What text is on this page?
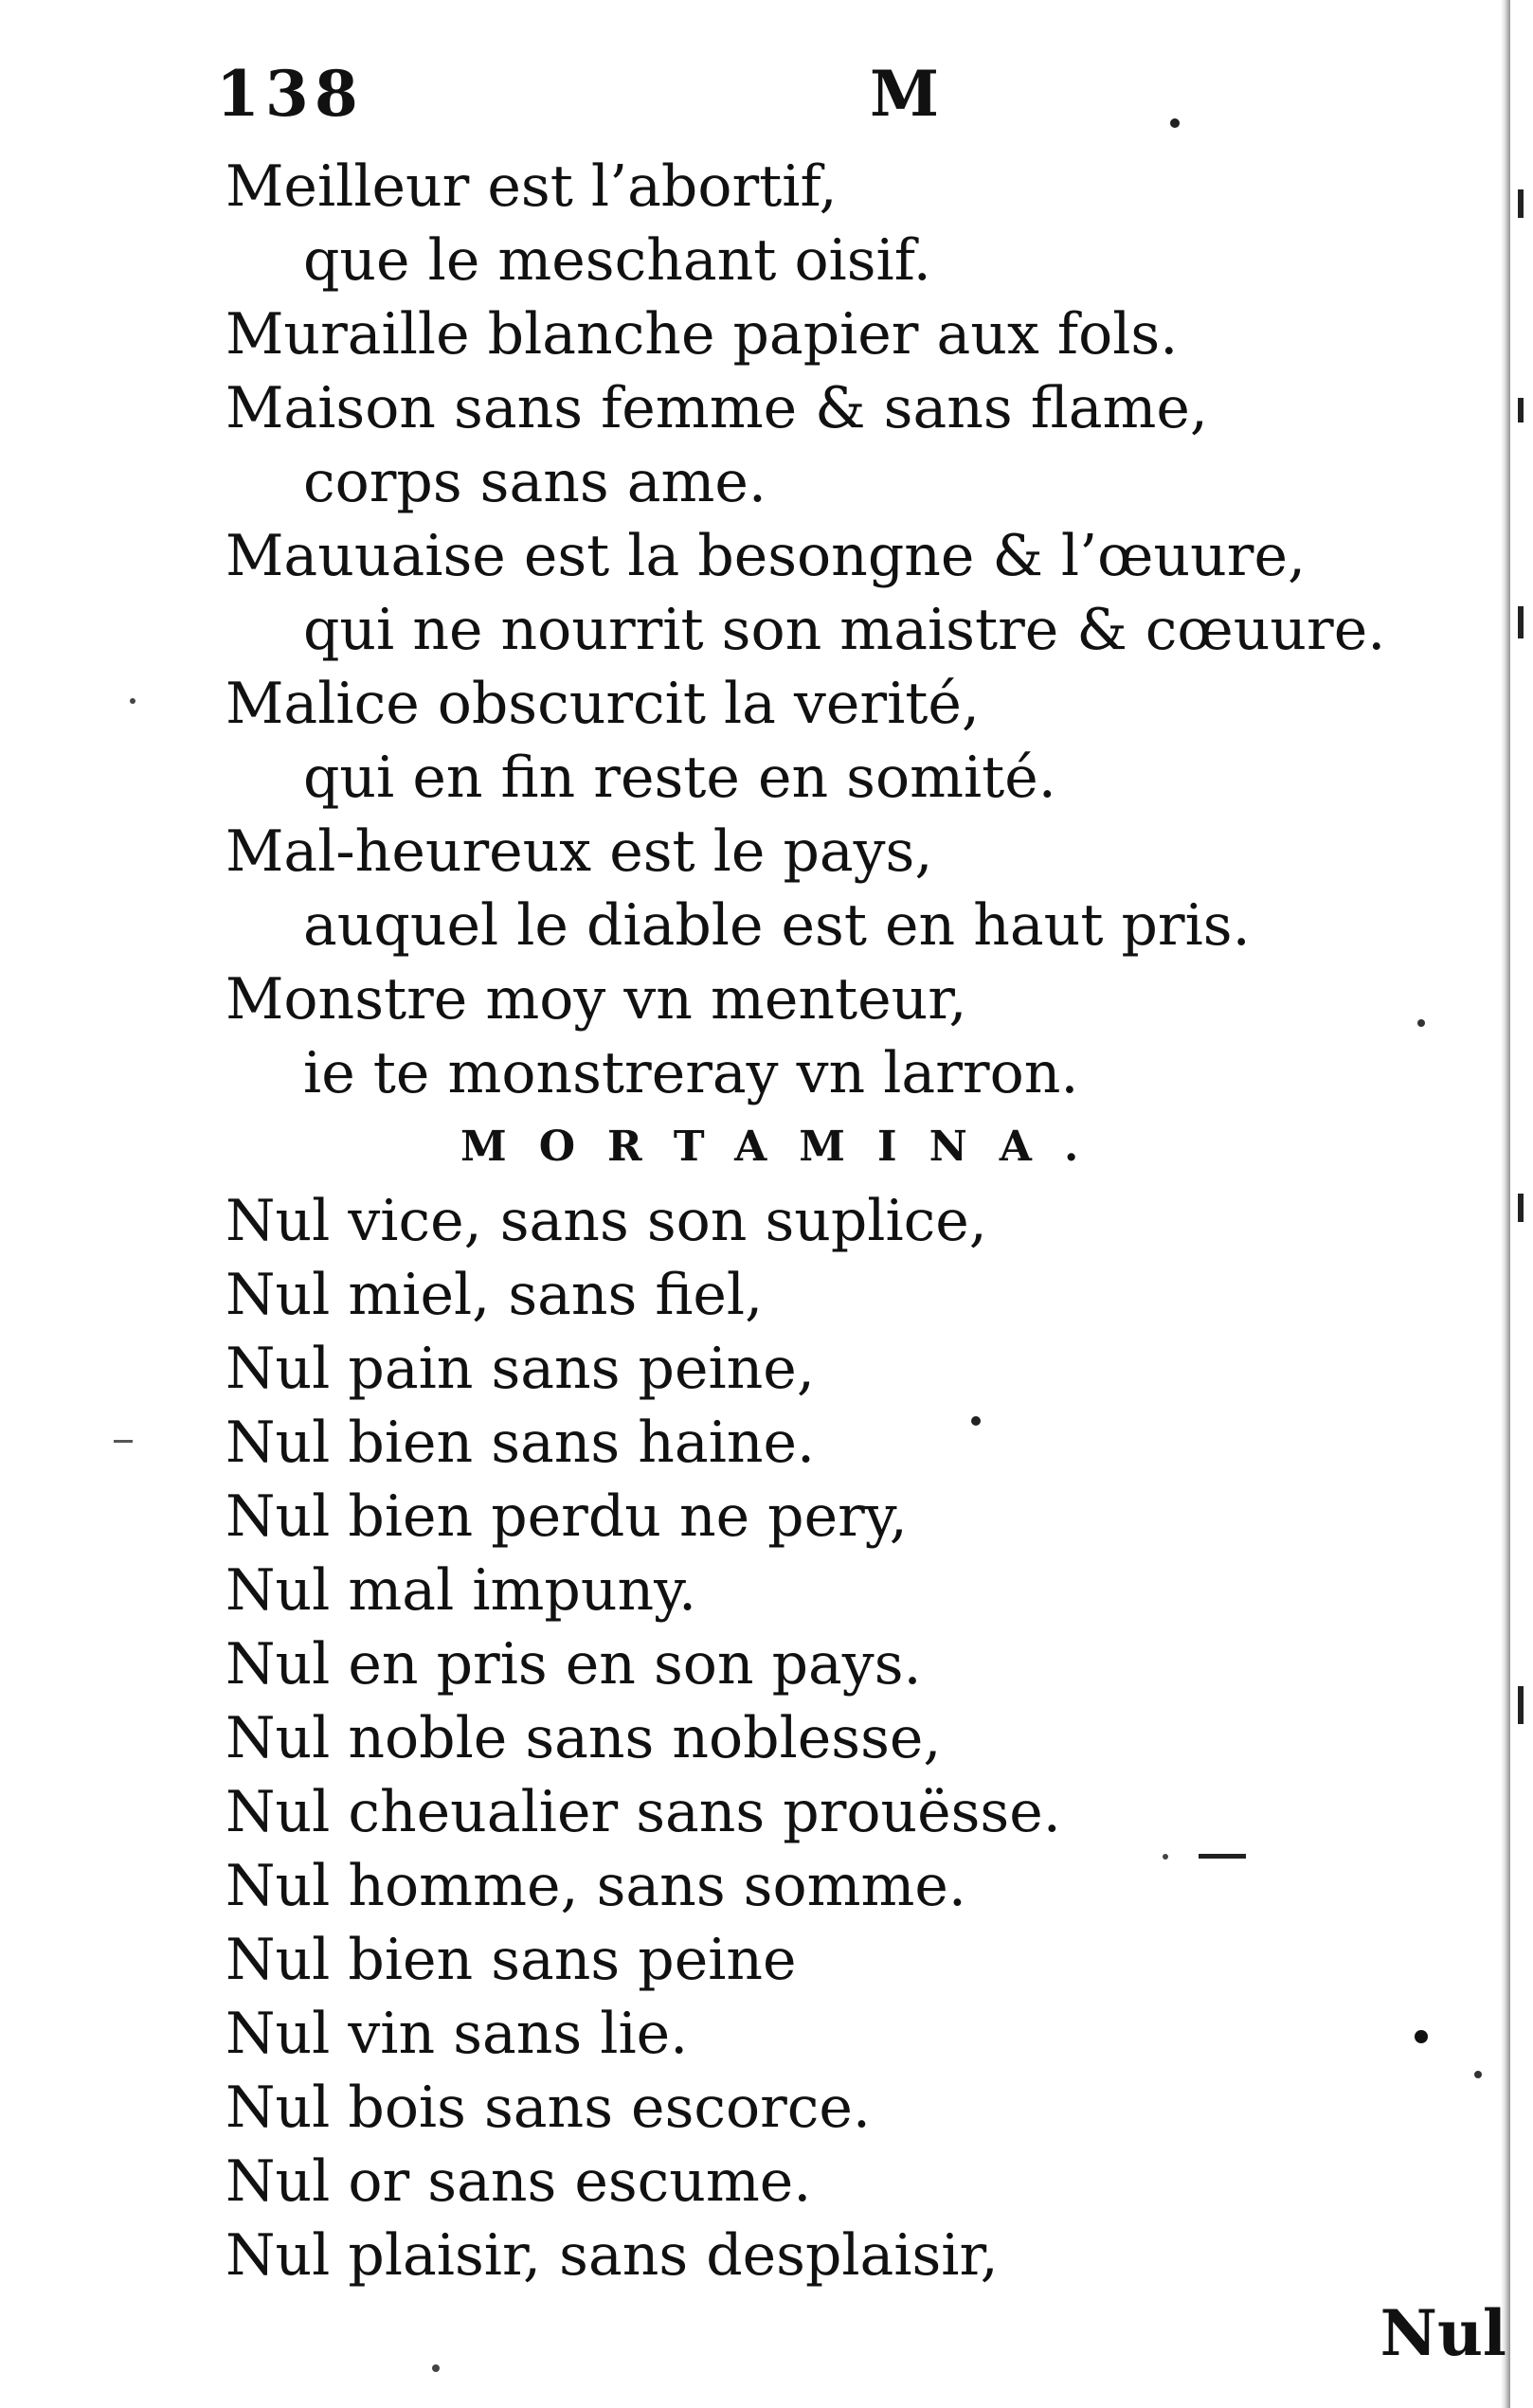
138	M
Meilleur est l’abortif,
que le meschant oisif.
Muraille blanche papier aux fols.
Maison sans femme & sans flame,
corps sans ame.
Mauuaise est la besongne & l’œuure,
qui ne nourrit son maistre & cœuure.
Malice obscurcit la verité,
qui en fin reste en somité.
Mal-heureux est le pays,
auquel le diable est en haut pris.
Monstre moy vn menteur,
ie te monstreray vn larron.
MORTAMINA.
Nul vice, sans son suplice,
Nul miel, sans fiel,
Nul pain sans peine,
Nul bien sans haine.
Nul bien perdu ne pery,
Nul mal impuny.
Nul en pris en son pays.
Nul noble sans noblesse,
Nul cheualier sans prouësse.
Nul homme, sans somme.
Nul bien sans peine
Nul vin sans lie.
Nul bois sans escorce.
Nul or sans escume.
Nul plaisir, sans desplaisir,
Nul
